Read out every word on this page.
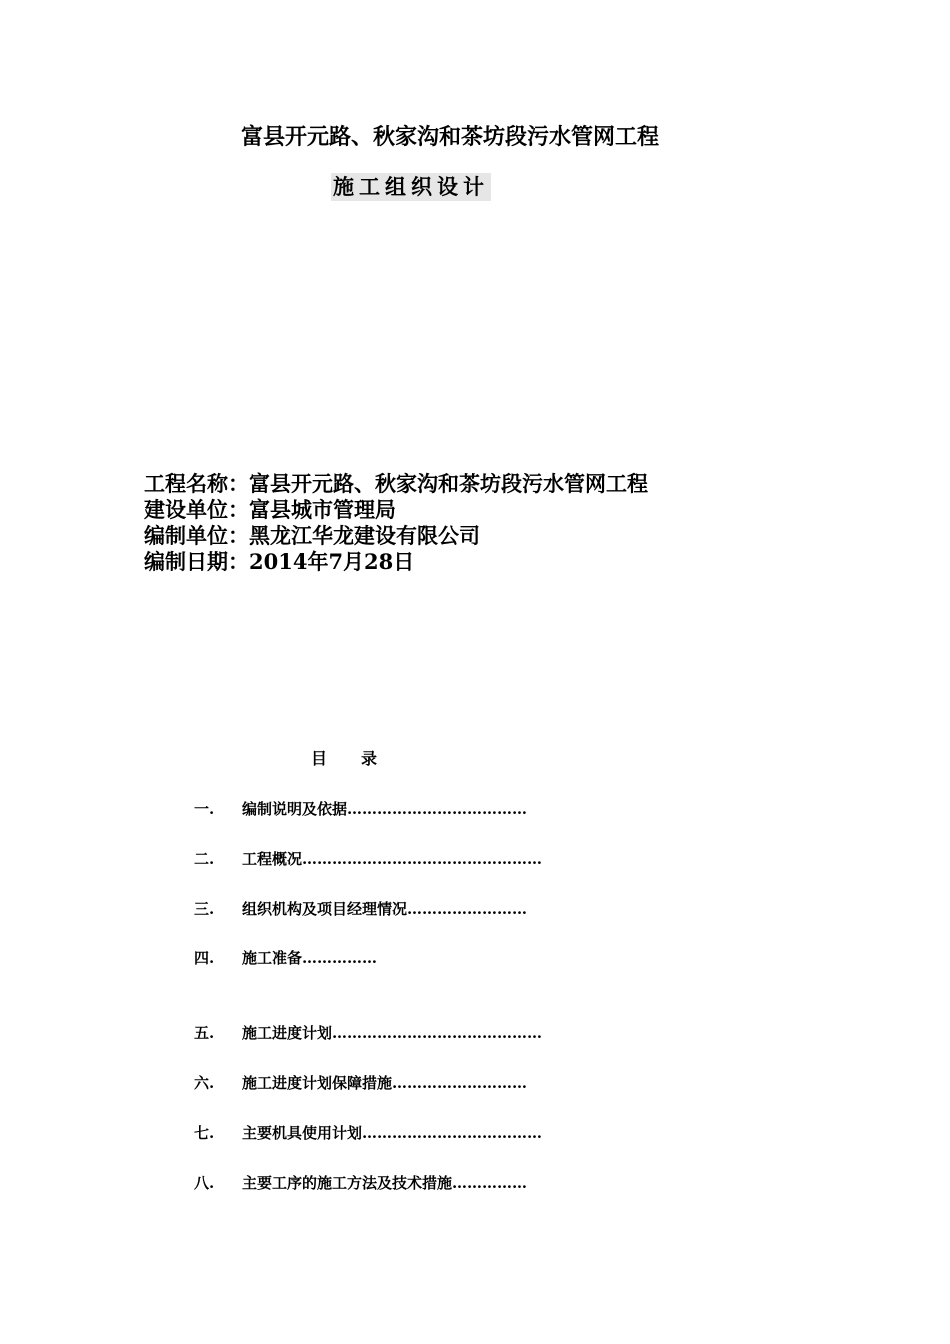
富县开元路、秋家沟和茶坊段污水管网工程
施工组织设计
工程名称：富县开元路、秋家沟和茶坊段污水管网工程
建设单位：富县城市管理局
编制单位：黑龙江华龙建设有限公司
编制日期：2014年7月28日
目 录
一. 编制说明及依据………………………………
二. 工程概况…………………………………………
三. 组织机构及项目经理情况……………………
四. 施工准备……………
五. 施工进度计划……………………………………
六. 施工进度计划保障措施………………………
七. 主要机具使用计划………………………………
八. 主要工序的施工方法及技术措施……………
